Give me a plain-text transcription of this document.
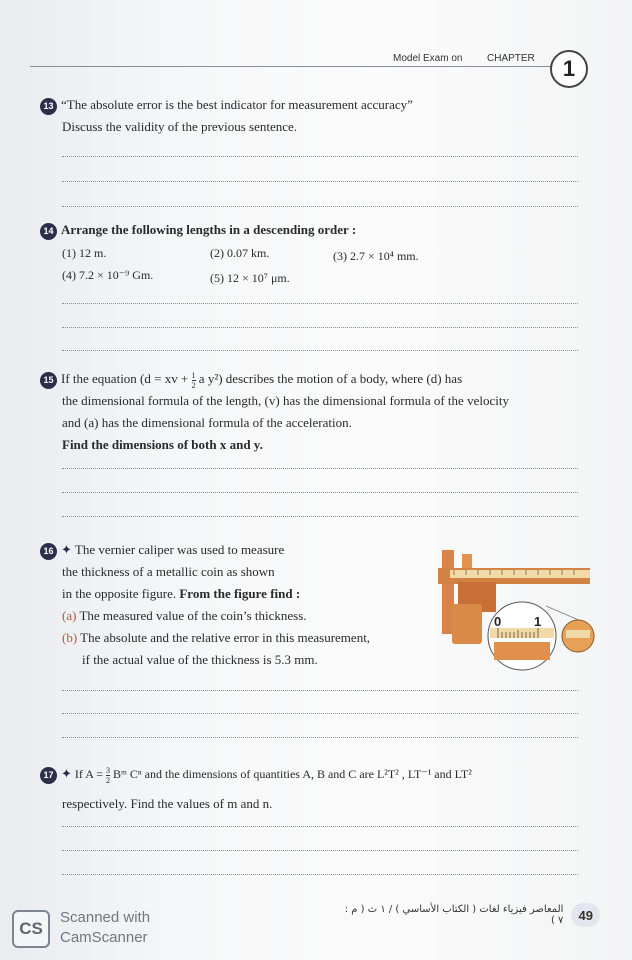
Model Exam on CHAPTER	1
13 “The absolute error is the best indicator for measurement accuracy”
Discuss the validity of the previous sentence.
14 Arrange the following lengths in a descending order :
(1) 12 m.	(2) 0.07 km.	(3) 2.7 × 10⁴ mm.
(4) 7.2 × 10⁻⁹ Gm.	(5) 12 × 10⁷ μm.
15 If the equation (d = xv + $\frac{1}{2}$ a y²) describes the motion of a body, where (d) has
the dimensional formula of the length, (v) has the dimensional formula of the velocity
and (a) has the dimensional formula of the acceleration.
Find the dimensions of both x and y.
16 ✦ The vernier caliper was used to measure
the thickness of a metallic coin as shown
in the opposite figure. From the figure find :
(a) The measured value of the coin’s thickness.
(b) The absolute and the relative error in this measurement,
if the actual value of the thickness is 5.3 mm.
0	1
17 ✦ If $A = \frac{3}{2}$ Bᵐ Cⁿ and the dimensions of quantities A, B and C are L²T² , LT⁻¹ and LT²
respectively. Find the values of m and n.
المعاصر فيزياء لغات ( الكتاب الأساسي ) / ١ ث ( م : ٧ )	49
CS
Scanned with
CamScanner
